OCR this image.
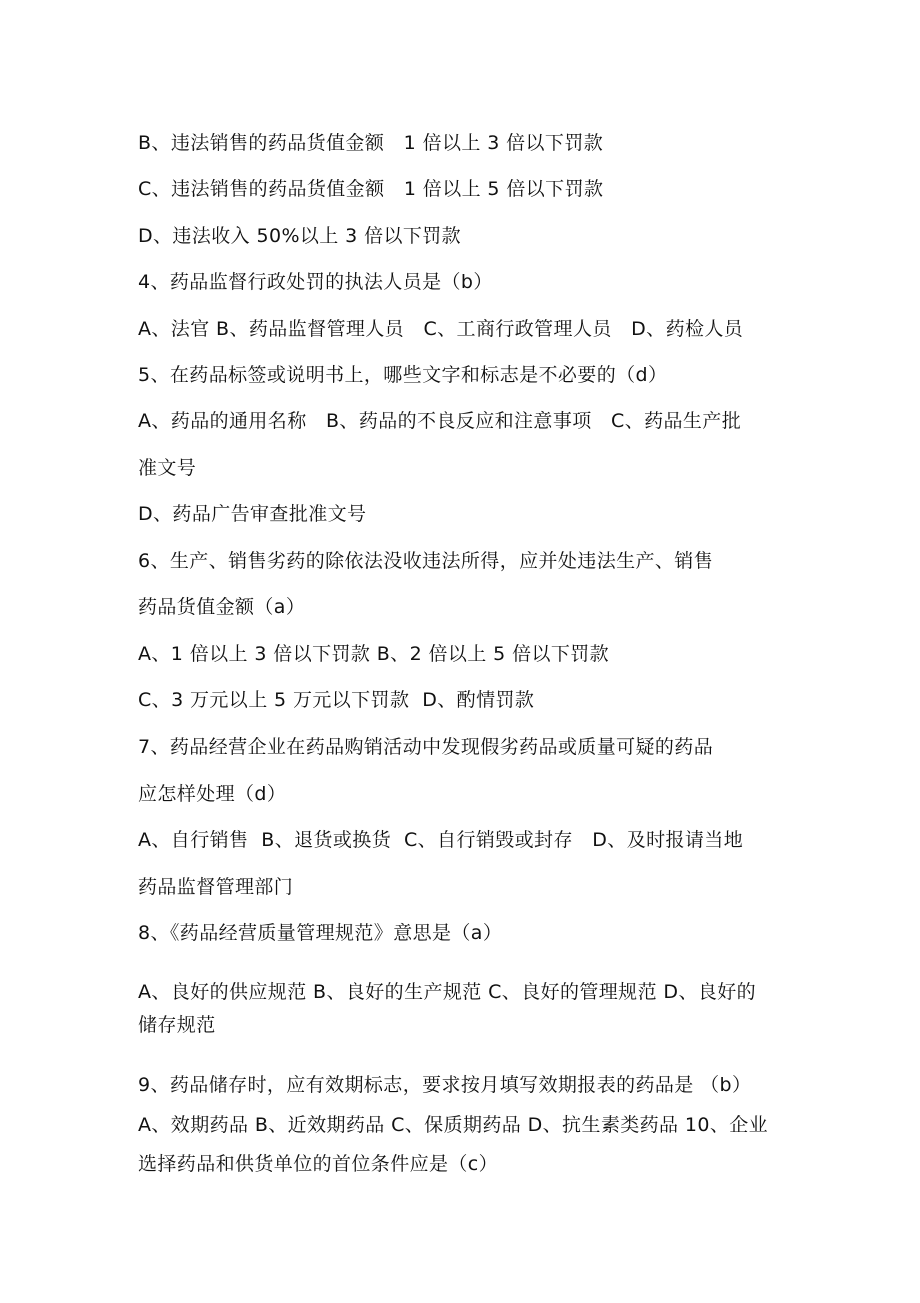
B、违法销售的药品货值金额　1 倍以上 3 倍以下罚款
C、违法销售的药品货值金额　1 倍以上 5 倍以下罚款
D、违法收入 50%以上 3 倍以下罚款
4、药品监督行政处罚的执法人员是（b）
A、法官 B、药品监督管理人员　C、工商行政管理人员　D、药检人员
5、在药品标签或说明书上，哪些文字和标志是不必要的（d）
A、药品的通用名称　B、药品的不良反应和注意事项　C、药品生产批
准文号
D、药品广告审查批准文号
6、生产、销售劣药的除依法没收违法所得，应并处违法生产、销售
药品货值金额（a）
A、1 倍以上 3 倍以下罚款 B、2 倍以上 5 倍以下罚款
C、3 万元以上 5 万元以下罚款  D、酌情罚款
7、药品经营企业在药品购销活动中发现假劣药品或质量可疑的药品
应怎样处理（d）
A、自行销售  B、退货或换货  C、自行销毁或封存　D、及时报请当地
药品监督管理部门
8、《药品经营质量管理规范》意思是（a）
A、良好的供应规范 B、良好的生产规范 C、良好的管理规范 D、良好的
储存规范
9、药品储存时，应有效期标志，要求按月填写效期报表的药品是 （b）
A、效期药品 B、近效期药品 C、保质期药品 D、抗生素类药品 10、企业
选择药品和供货单位的首位条件应是（c）
